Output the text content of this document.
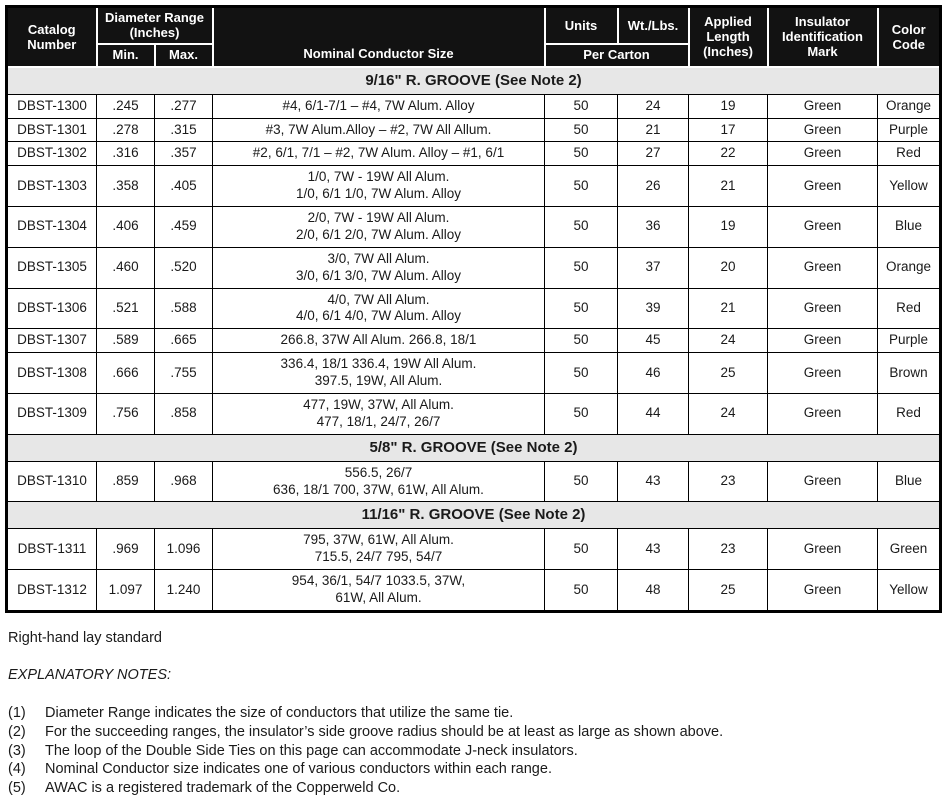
Catalog Number	Diameter Range (Inches)		Nominal Conductor Size	Units	Wt./Lbs.	Applied Length (Inches)	Insulator Identification Mark	Color Code
	Min.	Max.		Per Carton				
9/16" R. GROOVE (See Note 2)								
DBST-1300	.245	.277	#4, 6/1-7/1 – #4, 7W Alum. Alloy	50	24	19	Green	Orange
DBST-1301	.278	.315	#3, 7W Alum.Alloy – #2, 7W All Allum.	50	21	17	Green	Purple
DBST-1302	.316	.357	#2, 6/1, 7/1 – #2, 7W Alum. Alloy – #1, 6/1	50	27	22	Green	Red
DBST-1303	.358	.405	1/0, 7W - 19W All Alum.
1/0, 6/1 1/0, 7W Alum. Alloy	50	26	21	Green	Yellow
DBST-1304	.406	.459	2/0, 7W - 19W All Alum.
2/0, 6/1 2/0, 7W Alum. Alloy	50	36	19	Green	Blue
DBST-1305	.460	.520	3/0, 7W All Alum.
3/0, 6/1 3/0, 7W Alum. Alloy	50	37	20	Green	Orange
DBST-1306	.521	.588	4/0, 7W All Alum.
4/0, 6/1 4/0, 7W Alum. Alloy	50	39	21	Green	Red
DBST-1307	.589	.665	266.8, 37W All Alum. 266.8, 18/1	50	45	24	Green	Purple
DBST-1308	.666	.755	336.4, 18/1 336.4, 19W All Alum.
397.5, 19W, All Alum.	50	46	25	Green	Brown
DBST-1309	.756	.858	477, 19W, 37W, All Alum.
477, 18/1, 24/7, 26/7	50	44	24	Green	Red
5/8" R. GROOVE (See Note 2)								
DBST-1310	.859	.968	556.5, 26/7
636, 18/1 700, 37W, 61W, All Alum.	50	43	23	Green	Blue
11/16" R. GROOVE (See Note 2)								
DBST-1311	.969	1.096	795, 37W, 61W, All Alum.
715.5, 24/7 795, 54/7	50	43	23	Green	Green
DBST-1312	1.097	1.240	954, 36/1, 54/7 1033.5, 37W,
61W, All Alum.	50	48	25	Green	Yellow
Right-hand lay standard
EXPLANATORY NOTES:
(1)	Diameter Range indicates the size of conductors that utilize the same tie.
(2)	For the succeeding ranges, the insulator’s side groove radius should be at least as large as shown above.
(3)	The loop of the Double Side Ties on this page can accommodate J-neck insulators.
(4)	Nominal Conductor size indicates one of various conductors within each range.
(5)	AWAC is a registered trademark of the Copperweld Co.
